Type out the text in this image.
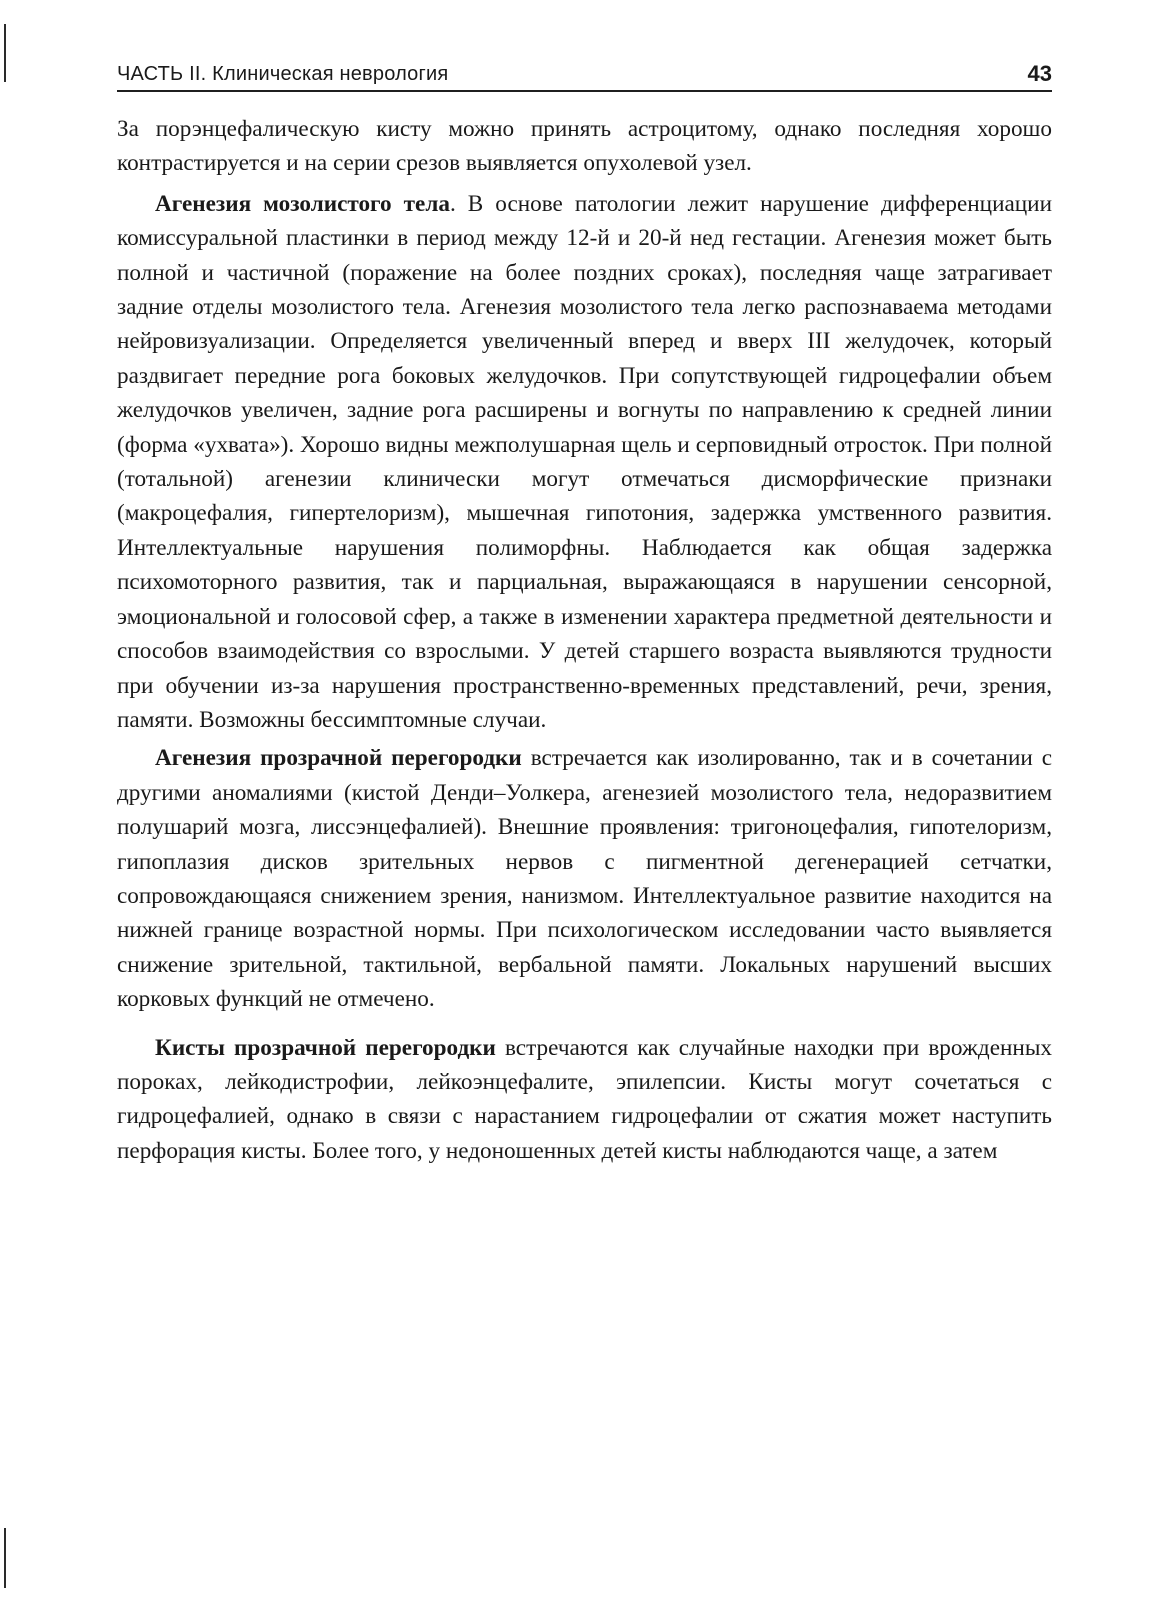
ЧАСТЬ II. Клиническая неврология	43

За порэнцефалическую кисту можно принять астроцитому, однако последняя хорошо контрастируется и на серии срезов выявляется опухолевой узел.

Агенезия мозолистого тела. В основе патологии лежит нарушение дифференциации комиссуральной пластинки в период между 12-й и 20-й нед гестации. Агенезия может быть полной и частичной (поражение на более поздних сроках), последняя чаще затрагивает задние отделы мозолистого тела. Агенезия мозолистого тела легко распознаваема методами нейровизуализации. Определяется увеличенный вперед и вверх III желудочек, который раздвигает передние рога боковых желудочков. При сопутствующей гидроцефалии объем желудочков увеличен, задние рога расширены и вогнуты по направлению к средней линии (форма «ухвата»). Хорошо видны межполушарная щель и серповидный отросток. При полной (тотальной) агенезии клинически могут отмечаться дисморфические признаки (макроцефалия, гипертелоризм), мышечная гипотония, задержка умственного развития. Интеллектуальные нарушения полиморфны. Наблюдается как общая задержка психомоторного развития, так и парциальная, выражающаяся в нарушении сенсорной, эмоциональной и голосовой сфер, а также в изменении характера предметной деятельности и способов взаимодействия со взрослыми. У детей старшего возраста выявляются трудности при обучении из-за нарушения пространственно-временных представлений, речи, зрения, памяти. Возможны бессимптомные случаи.

Агенезия прозрачной перегородки встречается как изолированно, так и в сочетании с другими аномалиями (кистой Денди–Уолкера, агенезией мозолистого тела, недоразвитием полушарий мозга, лиссэнцефалией). Внешние проявления: тригоноцефалия, гипотелоризм, гипоплазия дисков зрительных нервов с пигментной дегенерацией сетчатки, сопровождающаяся снижением зрения, нанизмом. Интеллектуальное развитие находится на нижней границе возрастной нормы. При психологическом исследовании часто выявляется снижение зрительной, тактильной, вербальной памяти. Локальных нарушений высших корковых функций не отмечено.

Кисты прозрачной перегородки встречаются как случайные находки при врожденных пороках, лейкодистрофии, лейкоэнцефалите, эпилепсии. Кисты могут сочетаться с гидроцефалией, однако в связи с нарастанием гидроцефалии от сжатия может наступить перфорация кисты. Более того, у недоношенных детей кисты наблюдаются чаще, а затем
